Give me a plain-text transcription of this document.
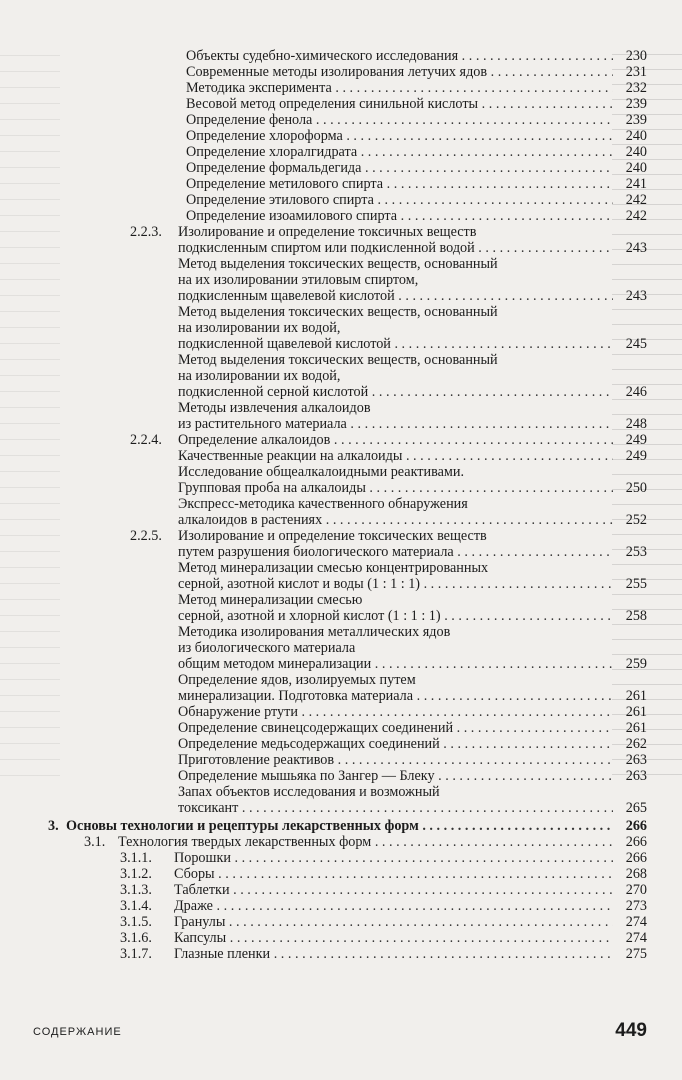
Объекты судебно-химического исследования . . .	230
Современные методы изолирования летучих ядов . . .	231
Методика эксперимента . . .	232
Весовой метод определения синильной кислоты . . .	239
Определение фенола . . .	239
Определение хлороформа . . .	240
Определение хлоралгидрата . . .	240
Определение формальдегида . . .	240
Определение метилового спирта . . .	241
Определение этилового спирта . . .	242
Определение изоамилового спирта . . .	242
2.2.3. Изолирование и определение токсичных веществ
подкисленным спиртом или подкисленной водой . . .	243
Метод выделения токсических веществ, основанный
на их изолировании этиловым спиртом,
подкисленным щавелевой кислотой . . .	243
Метод выделения токсических веществ, основанный
на изолировании их водой,
подкисленной щавелевой кислотой . . .	245
Метод выделения токсических веществ, основанный
на изолировании их водой,
подкисленной серной кислотой . . .	246
Методы извлечения алкалоидов
из растительного материала . . .	248
2.2.4. Определение алкалоидов . . .	249
Качественные реакции на алкалоиды . . .	249
Исследование общеалкалоидными реактивами.
Групповая проба на алкалоиды . . .	250
Экспресс-методика качественного обнаружения
алкалоидов в растениях . . .	252
2.2.5. Изолирование и определение токсических веществ
путем разрушения биологического материала . . .	253
Метод минерализации смесью концентрированных
серной, азотной кислот и воды (1 : 1 : 1) . . .	255
Метод минерализации смесью
серной, азотной и хлорной кислот (1 : 1 : 1) . . .	258
Методика изолирования металлических ядов
из биологического материала
общим методом минерализации . . .	259
Определение ядов, изолируемых путем
минерализации. Подготовка материала . . .	261
Обнаружение ртути . . .	261
Определение свинецсодержащих соединений . . .	261
Определение медьсодержащих соединений . . .	262
Приготовление реактивов . . .	263
Определение мышьяка по Зангер — Блеку . . .	263
Запах объектов исследования и возможный
токсикант . . .	265
3. Основы технологии и рецептуры лекарственных форм . . .	266
3.1. Технология твердых лекарственных форм . . .	266
3.1.1. Порошки . . .	266
3.1.2. Сборы . . .	268
3.1.3. Таблетки . . .	270
3.1.4. Драже . . .	273
3.1.5. Гранулы . . .	274
3.1.6. Капсулы . . .	274
3.1.7. Глазные пленки . . .	275
СОДЕРЖАНИЕ	449
